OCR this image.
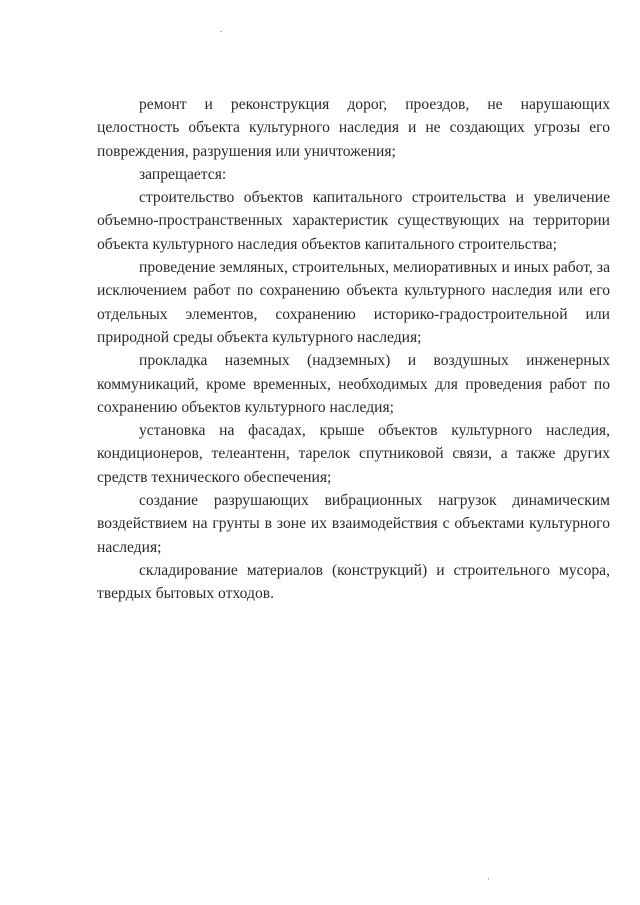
ремонт и реконструкция дорог, проездов, не нарушающих целостность объекта культурного наследия и не создающих угрозы его повреждения, разрушения или уничтожения;

запрещается:

строительство объектов капитального строительства и увеличение объемно-пространственных характеристик существующих на территории объекта культурного наследия объектов капитального строительства;

проведение земляных, строительных, мелиоративных и иных работ, за исключением работ по сохранению объекта культурного наследия или его отдельных элементов, сохранению историко-градостроительной или природной среды объекта культурного наследия;

прокладка наземных (надземных) и воздушных инженерных коммуникаций, кроме временных, необходимых для проведения работ по сохранению объектов культурного наследия;

установка на фасадах, крыше объектов культурного наследия, кондиционеров, телеантенн, тарелок спутниковой связи, а также других средств технического обеспечения;

создание разрушающих вибрационных нагрузок динамическим воздействием на грунты в зоне их взаимодействия с объектами культурного наследия;

складирование материалов (конструкций) и строительного мусора, твердых бытовых отходов.
